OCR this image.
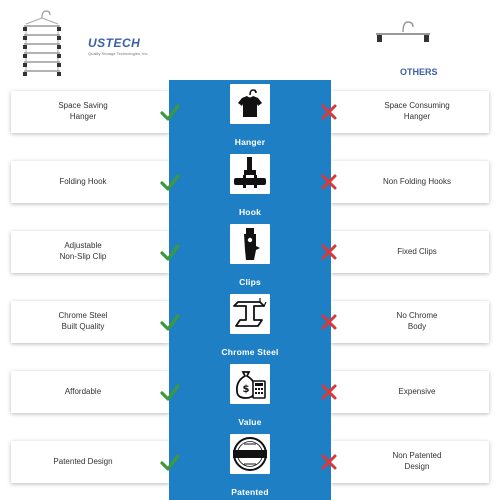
USTECH
Quality Storage Technologies, Inc.
OTHERS
Space Saving
Hanger
Space Consuming
Hanger
Hanger
Folding Hook	Non Folding Hooks
Hook
Adjustable
Non-Slip Clip
Fixed Clips
Clips
Chrome Steel
Built Quality
No Chrome
Body
Chrome Steel
Affordable	Expensive
$
Value
Patented Design
Non Patented
Design
Patented
